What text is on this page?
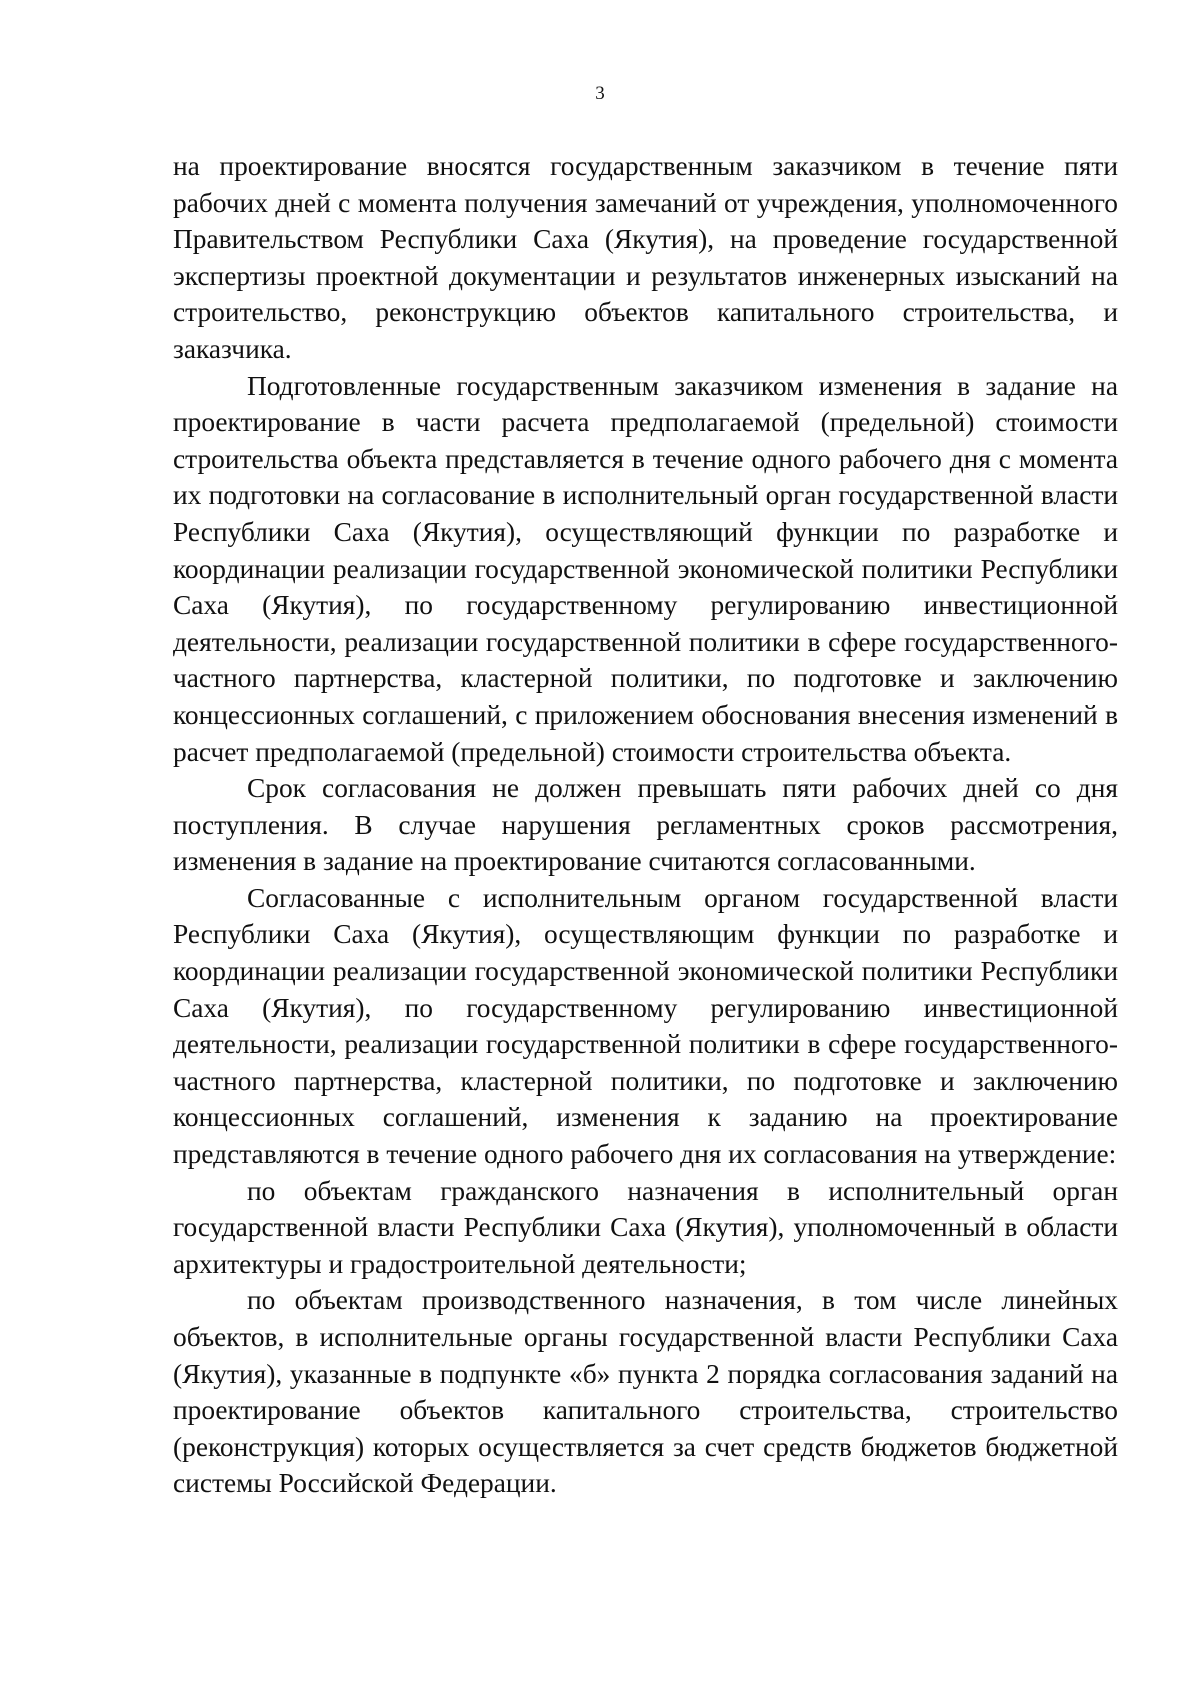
3

на проектирование вносятся государственным заказчиком в течение пяти рабочих дней с момента получения замечаний от учреждения, уполномоченного Правительством Республики Саха (Якутия), на проведение государственной экспертизы проектной документации и результатов инженерных изысканий на строительство, реконструкцию объектов капитального строительства, и заказчика.

Подготовленные государственным заказчиком изменения в задание на проектирование в части расчета предполагаемой (предельной) стоимости строительства объекта представляется в течение одного рабочего дня с момента их подготовки на согласование в исполнительный орган государственной власти Республики Саха (Якутия), осуществляющий функции по разработке и координации реализации государственной экономической политики Республики Саха (Якутия), по государственному регулированию инвестиционной деятельности, реализации государственной политики в сфере государственного-частного партнерства, кластерной политики, по подготовке и заключению концессионных соглашений, с приложением обоснования внесения изменений в расчет предполагаемой (предельной) стоимости строительства объекта.

Срок согласования не должен превышать пяти рабочих дней со дня поступления. В случае нарушения регламентных сроков рассмотрения, изменения в задание на проектирование считаются согласованными.

Согласованные с исполнительным органом государственной власти Республики Саха (Якутия), осуществляющим функции по разработке и координации реализации государственной экономической политики Республики Саха (Якутия), по государственному регулированию инвестиционной деятельности, реализации государственной политики в сфере государственного-частного партнерства, кластерной политики, по подготовке и заключению концессионных соглашений, изменения к заданию на проектирование представляются в течение одного рабочего дня их согласования на утверждение:

по объектам гражданского назначения в исполнительный орган государственной власти Республики Саха (Якутия), уполномоченный в области архитектуры и градостроительной деятельности;

по объектам производственного назначения, в том числе линейных объектов, в исполнительные органы государственной власти Республики Саха (Якутия), указанные в подпункте «б» пункта 2 порядка согласования заданий на проектирование объектов капитального строительства, строительство (реконструкция) которых осуществляется за счет средств бюджетов бюджетной системы Российской Федерации.
